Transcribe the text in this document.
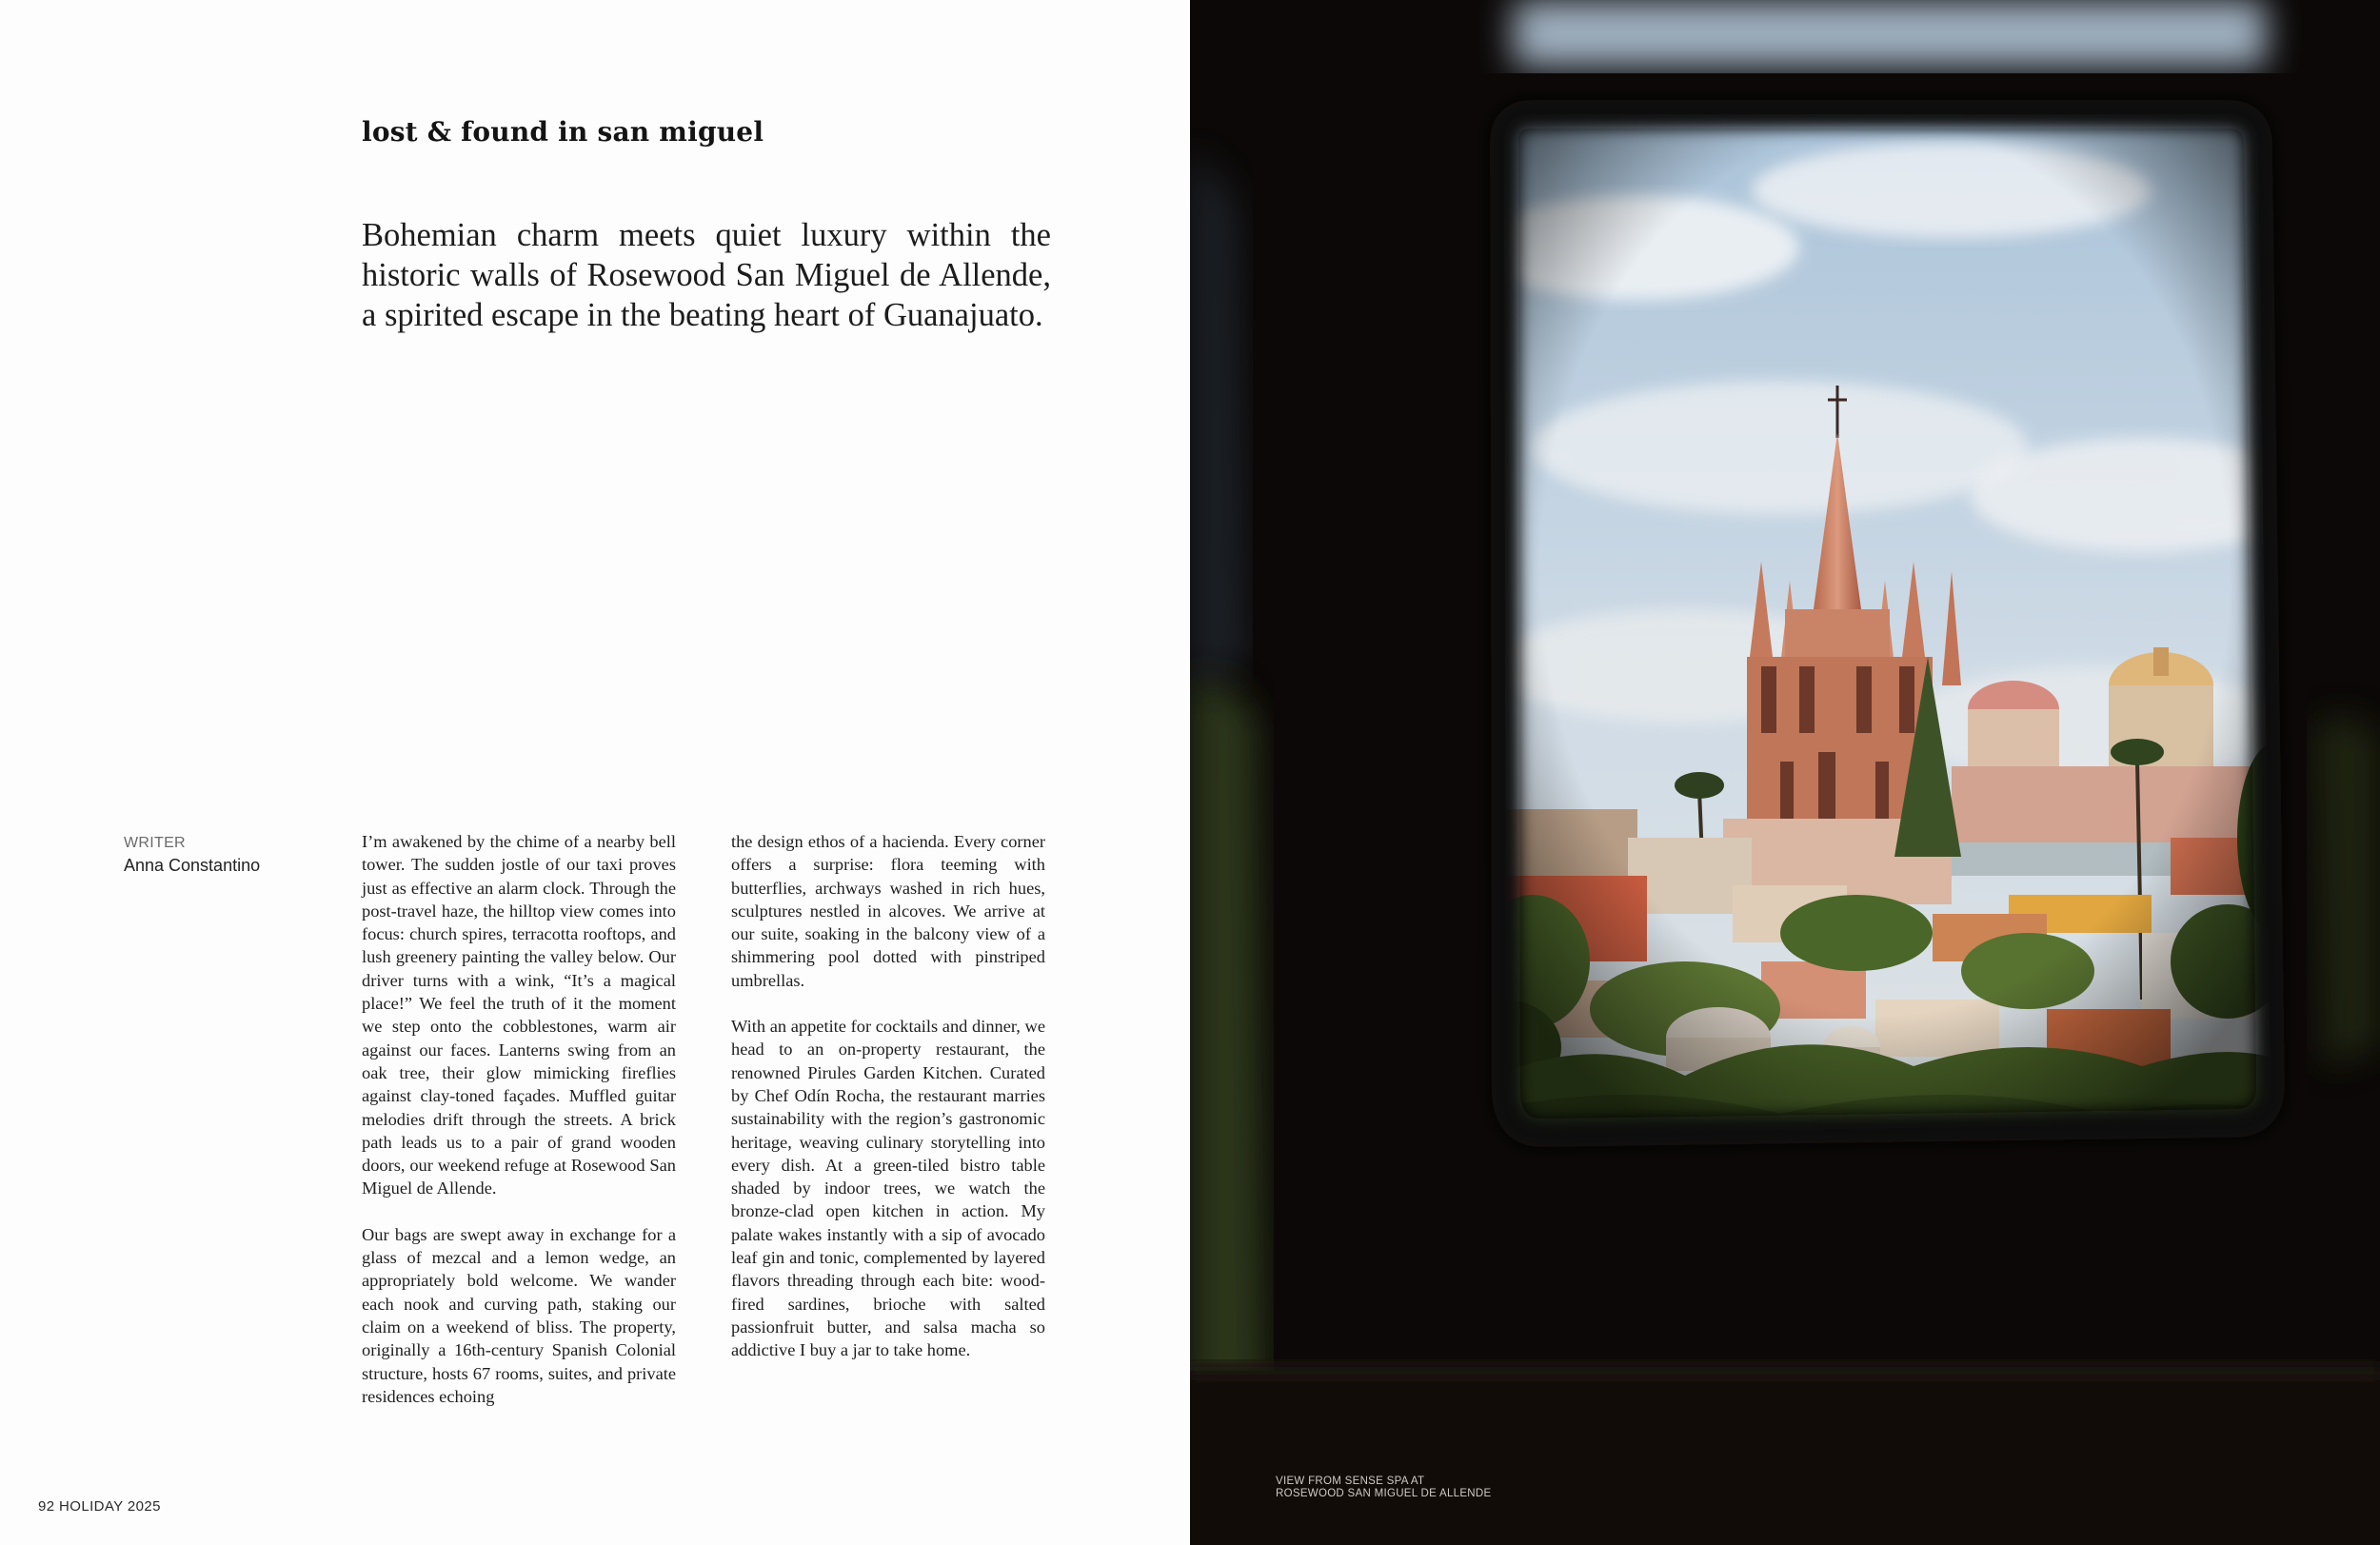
lost & found in san miguel
Bohemian charm meets quiet luxury within the historic walls of Rosewood San Miguel de Allende, a spirited escape in the beating heart of Guanajuato.
WRITER
Anna Constantino

I’m awakened by the chime of a nearby bell tower. The sudden jostle of our taxi proves just as effective an alarm clock. Through the post-travel haze, the hilltop view comes into focus: church spires, terracotta rooftops, and lush greenery painting the valley below. Our driver turns with a wink, “It’s a magical place!” We feel the truth of it the moment we step onto the cobblestones, warm air against our faces. Lanterns swing from an oak tree, their glow mimicking fireflies against clay-toned façades. Muffled guitar melodies drift through the streets. A brick path leads us to a pair of grand wooden doors, our weekend refuge at Rosewood San Miguel de Allende.

Our bags are swept away in exchange for a glass of mezcal and a lemon wedge, an appropriately bold welcome. We wander each nook and curving path, staking our claim on a weekend of bliss. The property, originally a 16th-century Spanish Colonial structure, hosts 67 rooms, suites, and private residences echoing

the design ethos of a hacienda. Every corner offers a surprise: flora teeming with butterflies, archways washed in rich hues, sculptures nestled in alcoves. We arrive at our suite, soaking in the balcony view of a shimmering pool dotted with pinstriped umbrellas.

With an appetite for cocktails and dinner, we head to an on-property restaurant, the renowned Pirules Garden Kitchen. Curated by Chef Odín Rocha, the restaurant marries sustainability with the region’s gastronomic heritage, weaving culinary storytelling into every dish. At a green-tiled bistro table shaded by indoor trees, we watch the bronze-clad open kitchen in action. My palate wakes instantly with a sip of avocado leaf gin and tonic, complemented by layered flavors threading through each bite: wood-fired sardines, brioche with salted passionfruit butter, and salsa macha so addictive I buy a jar to take home.

92 HOLIDAY 2025
VIEW FROM SENSE SPA AT
ROSEWOOD SAN MIGUEL DE ALLENDE
